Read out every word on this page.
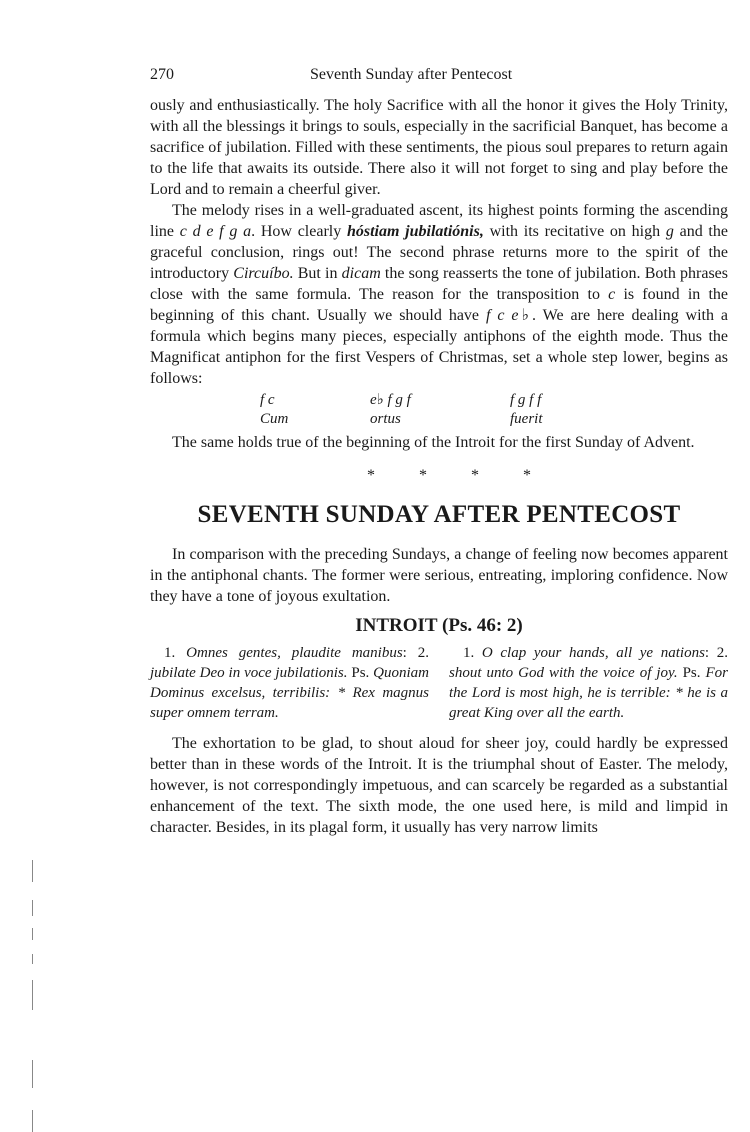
270	Seventh Sunday after Pentecost

ously and enthusiastically. The holy Sacrifice with all the honor it gives the Holy Trinity, with all the blessings it brings to souls, especially in the sacrificial Banquet, has become a sacrifice of jubilation. Filled with these sentiments, the pious soul prepares to return again to the life that awaits its outside. There also it will not forget to sing and play before the Lord and to remain a cheerful giver.

The melody rises in a well-graduated ascent, its highest points forming the ascending line c d e f g a. How clearly hóstiam jubilatiónis, with its recitative on high g and the graceful conclusion, rings out! The second phrase returns more to the spirit of the introductory Circuíbo. But in dicam the song reasserts the tone of jubilation. Both phrases close with the same formula. The reason for the transposition to c is found in the beginning of this chant. Usually we should have f c e♭. We are here dealing with a formula which begins many pieces, especially antiphons of the eighth mode. Thus the Magnificat antiphon for the first Vespers of Christmas, set a whole step lower, begins as follows:

f c	e♭ f g f	f g f f
Cum	ortus	fuerit

The same holds true of the beginning of the Introit for the first Sunday of Advent.

*	*	*	*
SEVENTH SUNDAY AFTER PENTECOST

In comparison with the preceding Sundays, a change of feeling now becomes apparent in the antiphonal chants. The former were serious, entreating, imploring confidence. Now they have a tone of joyous exultation.

INTROIT (Ps. 46: 2)

1. Omnes gentes, plaudite manibus: 2. jubilate Deo in voce jubilationis. Ps. Quoniam Dominus excelsus, terribilis: * Rex magnus super omnem terram.

1. O clap your hands, all ye nations: 2. shout unto God with the voice of joy. Ps. For the Lord is most high, he is terrible: * he is a great King over all the earth.

The exhortation to be glad, to shout aloud for sheer joy, could hardly be expressed better than in these words of the Introit. It is the triumphal shout of Easter. The melody, however, is not correspondingly impetuous, and can scarcely be regarded as a substantial enhancement of the text. The sixth mode, the one used here, is mild and limpid in character. Besides, in its plagal form, it usually has very narrow limits
